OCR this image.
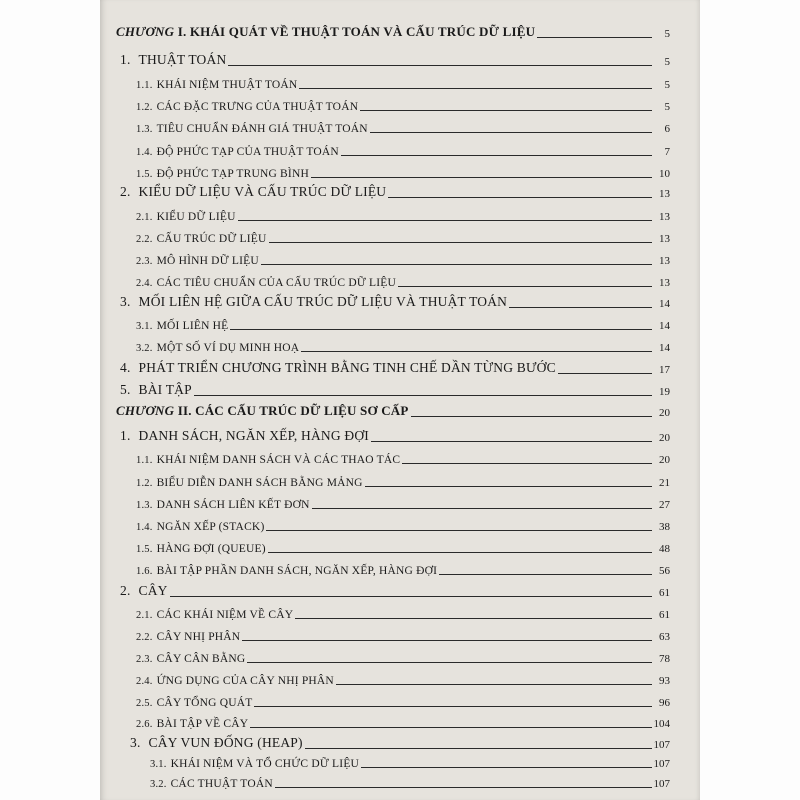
CHƯƠNG I. KHÁI QUÁT VỀ THUẬT TOÁN VÀ CẤU TRÚC DỮ LIỆU	5
1. THUẬT TOÁN	5
1.1. KHÁI NIỆM THUẬT TOÁN	5
1.2. CÁC ĐẶC TRƯNG CỦA THUẬT TOÁN	5
1.3. TIÊU CHUẨN ĐÁNH GIÁ THUẬT TOÁN	6
1.4. ĐỘ PHỨC TẠP CỦA THUẬT TOÁN	7
1.5. ĐỘ PHỨC TẠP TRUNG BÌNH	10
2. KIỂU DỮ LIỆU VÀ CẤU TRÚC DỮ LIỆU	13
2.1. KIỂU DỮ LIỆU	13
2.2. CẤU TRÚC DỮ LIỆU	13
2.3. MÔ HÌNH DỮ LIỆU	13
2.4. CÁC TIÊU CHUẨN CỦA CẤU TRÚC DỮ LIỆU	13
3. MỐI LIÊN HỆ GIỮA CẤU TRÚC DỮ LIỆU VÀ THUẬT TOÁN	14
3.1. MỐI LIÊN HỆ	14
3.2. MỘT SỐ VÍ DỤ MINH HOẠ	14
4. PHÁT TRIỂN CHƯƠNG TRÌNH BẰNG TINH CHẾ DẦN TỪNG BƯỚC	17
5. BÀI TẬP	19
CHƯƠNG II. CÁC CẤU TRÚC DỮ LIỆU SƠ CẤP	20
1. DANH SÁCH, NGĂN XẾP, HÀNG ĐỢI	20
1.1. KHÁI NIỆM DANH SÁCH VÀ CÁC THAO TÁC	20
1.2. BIỂU DIỄN DANH SÁCH BẰNG MẢNG	21
1.3. DANH SÁCH LIÊN KẾT ĐƠN	27
1.4. NGĂN XẾP (STACK)	38
1.5. HÀNG ĐỢI (QUEUE)	48
1.6. BÀI TẬP PHẦN DANH SÁCH, NGĂN XẾP, HÀNG ĐỢI	56
2. CÂY	61
2.1. CÁC KHÁI NIỆM VỀ CÂY	61
2.2. CÂY NHỊ PHÂN	63
2.3. CÂY CÂN BẰNG	78
2.4. ỨNG DỤNG CỦA CÂY NHỊ PHÂN	93
2.5. CÂY TỔNG QUÁT	96
2.6. BÀI TẬP VỀ CÂY	104
3. CÂY VUN ĐỐNG (HEAP)	107
3.1. KHÁI NIỆM VÀ TỔ CHỨC DỮ LIỆU	107
3.2. CÁC THUẬT TOÁN	107
